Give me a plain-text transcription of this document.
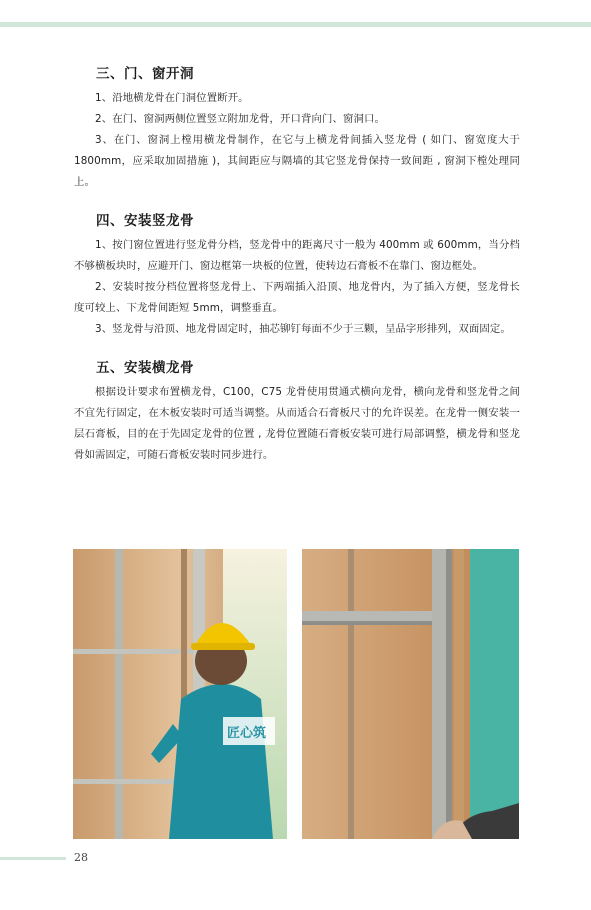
三、门、窗开洞

1、沿地横龙骨在门洞位置断开。

2、在门、窗洞两侧位置竖立附加龙骨，开口背向门、窗洞口。

3、在门、窗洞上樘用横龙骨制作，在它与上横龙骨间插入竖龙骨 ( 如门、窗宽度大于 1800mm，应采取加固措施 )，其间距应与隔墙的其它竖龙骨保持一致间距 , 窗洞下樘处理同上。

四、安装竖龙骨

1、按门窗位置进行竖龙骨分档，竖龙骨中的距离尺寸一般为 400mm 或 600mm，当分档不够横板块时，应避开门、窗边框第一块板的位置，使转边石膏板不在靠门、窗边框处。

2、安装时按分档位置将竖龙骨上、下两端插入沿顶、地龙骨内，为了插入方便，竖龙骨长度可较上、下龙骨间距短 5mm，调整垂直。

3、竖龙骨与沿顶、地龙骨固定时，抽芯铆钉每面不少于三颗，呈品字形排列，双面固定。

五、安装横龙骨

根据设计要求布置横龙骨，C100，C75 龙骨使用贯通式横向龙骨，横向龙骨和竖龙骨之间不宜先行固定，在木板安装时可适当调整。从而适合石膏板尺寸的允许误差。在龙骨一侧安装一层石膏板，目的在于先固定龙骨的位置 , 龙骨位置随石膏板安装可进行局部调整，横龙骨和竖龙骨如需固定，可随石膏板安装时同步进行。

匠心筑
28
